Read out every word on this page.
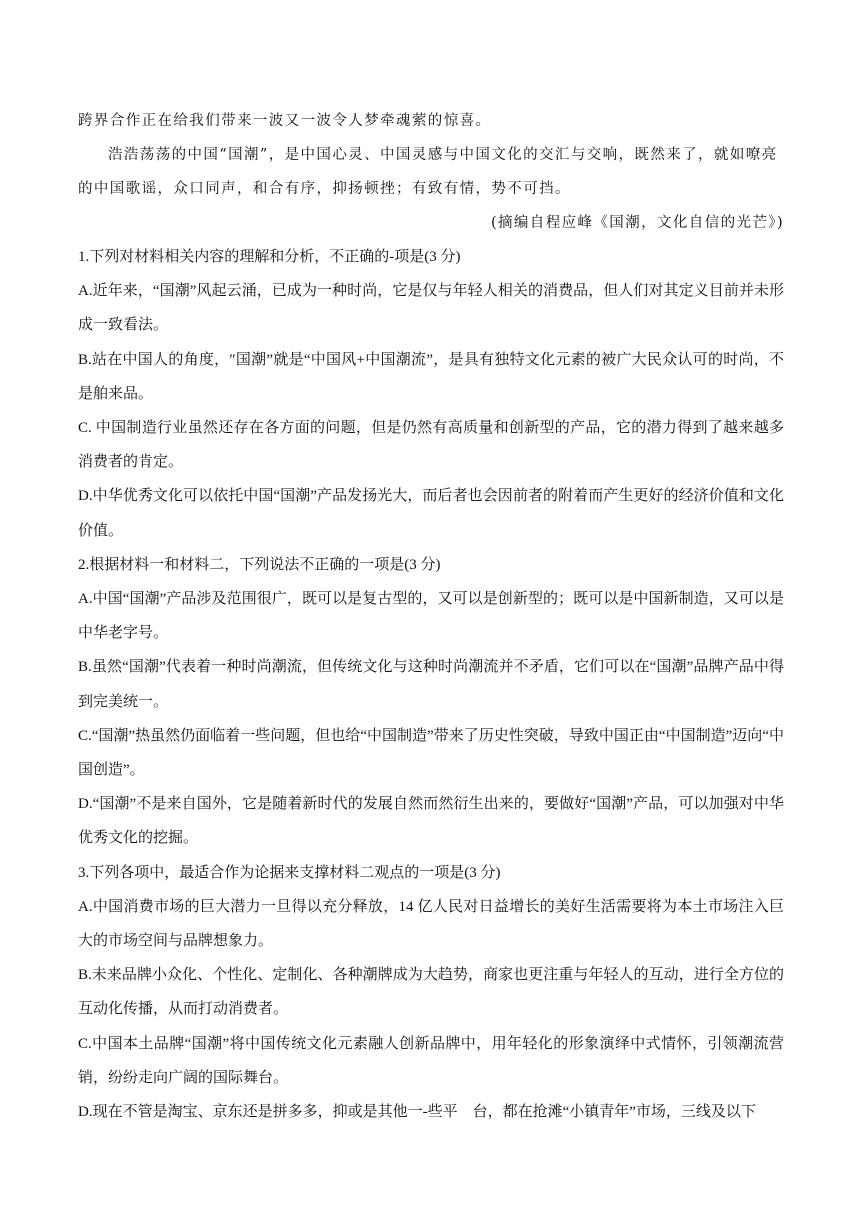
跨界合作正在给我们带来一波又一波令人梦牵魂萦的惊喜。

浩浩荡荡的中国“国潮”，是中国心灵、中国灵感与中国文化的交汇与交响，既然来了，就如嘹亮的中国歌谣，众口同声，和合有序，抑扬顿挫；有致有情，势不可挡。

(摘编自程应峰《国潮，文化自信的光芒》)

1.下列对材料相关内容的理解和分析，不正确的-项是(3 分)

A.近年来，“国潮”风起云涌，已成为一种时尚，它是仅与年轻人相关的消费品，但人们对其定义目前并未形成一致看法。

B.站在中国人的角度，″国潮”就是“中国风+中国潮流”，是具有独特文化元素的被广大民众认可的时尚，不是舶来品。

C. 中国制造行业虽然还存在各方面的问题，但是仍然有高质量和创新型的产品，它的潜力得到了越来越多消费者的肯定。

D.中华优秀文化可以依托中国“国潮”产品发扬光大，而后者也会因前者的附着而产生更好的经济价值和文化价值。

2.根据材料一和材料二，下列说法不正确的一项是(3 分)

A.中国“国潮”产品涉及范围很广，既可以是复古型的，又可以是创新型的；既可以是中国新制造，又可以是中华老字号。

B.虽然“国潮”代表着一种时尚潮流，但传统文化与这种时尚潮流并不矛盾，它们可以在“国潮”品牌产品中得到完美统一。

C.“国潮”热虽然仍面临着一些问题，但也给“中国制造”带来了历史性突破，导致中国正由“中国制造”迈向“中国创造”。

D.“国潮”不是来自国外，它是随着新时代的发展自然而然衍生出来的，要做好“国潮”产品，可以加强对中华优秀文化的挖掘。

3.下列各项中，最适合作为论据来支撑材料二观点的一项是(3 分)

A.中国消费市场的巨大潜力一旦得以充分释放，14 亿人民对日益增长的美好生活需要将为本土市场注入巨大的市场空间与品牌想象力。

B.未来品牌小众化、个性化、定制化、各种潮牌成为大趋势，商家也更注重与年轻人的互动，进行全方位的互动化传播，从而打动消费者。

C.中国本土品牌“国潮”将中国传统文化元素融人创新品牌中，用年轻化的形象演绎中式情怀，引领潮流营销，纷纷走向广阔的国际舞台。

D.现在不管是淘宝、京东还是拼多多，抑或是其他一-些平　台，都在抢滩“小镇青年”市场，三线及以下
